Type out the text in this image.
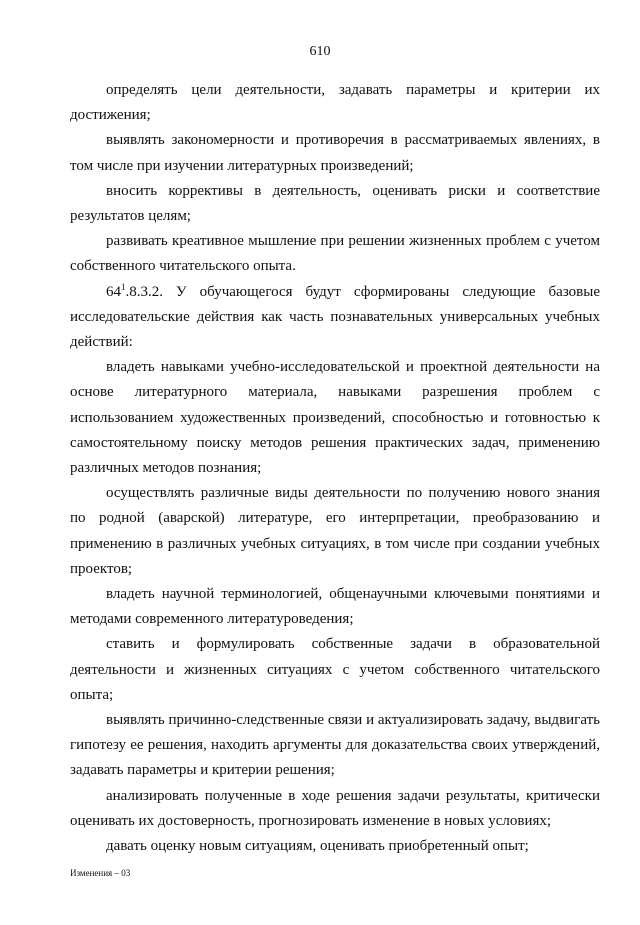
610

определять цели деятельности, задавать параметры и критерии их достижения;

выявлять закономерности и противоречия в рассматриваемых явлениях, в том числе при изучении литературных произведений;

вносить коррективы в деятельность, оценивать риски и соответствие результатов целям;

развивать креативное мышление при решении жизненных проблем с учетом собственного читательского опыта.

$64^1.8.3.2$. У обучающегося будут сформированы следующие базовые исследовательские действия как часть познавательных универсальных учебных действий:

владеть навыками учебно-исследовательской и проектной деятельности на основе литературного материала, навыками разрешения проблем с использованием художественных произведений, способностью и готовностью к самостоятельному поиску методов решения практических задач, применению различных методов познания;

осуществлять различные виды деятельности по получению нового знания по родной (аварской) литературе, его интерпретации, преобразованию и применению в различных учебных ситуациях, в том числе при создании учебных проектов;

владеть научной терминологией, общенаучными ключевыми понятиями и методами современного литературоведения;

ставить и формулировать собственные задачи в образовательной деятельности и жизненных ситуациях с учетом собственного читательского опыта;

выявлять причинно-следственные связи и актуализировать задачу, выдвигать гипотезу ее решения, находить аргументы для доказательства своих утверждений, задавать параметры и критерии решения;

анализировать полученные в ходе решения задачи результаты, критически оценивать их достоверность, прогнозировать изменение в новых условиях;

давать оценку новым ситуациям, оценивать приобретенный опыт;

Изменения – 03
